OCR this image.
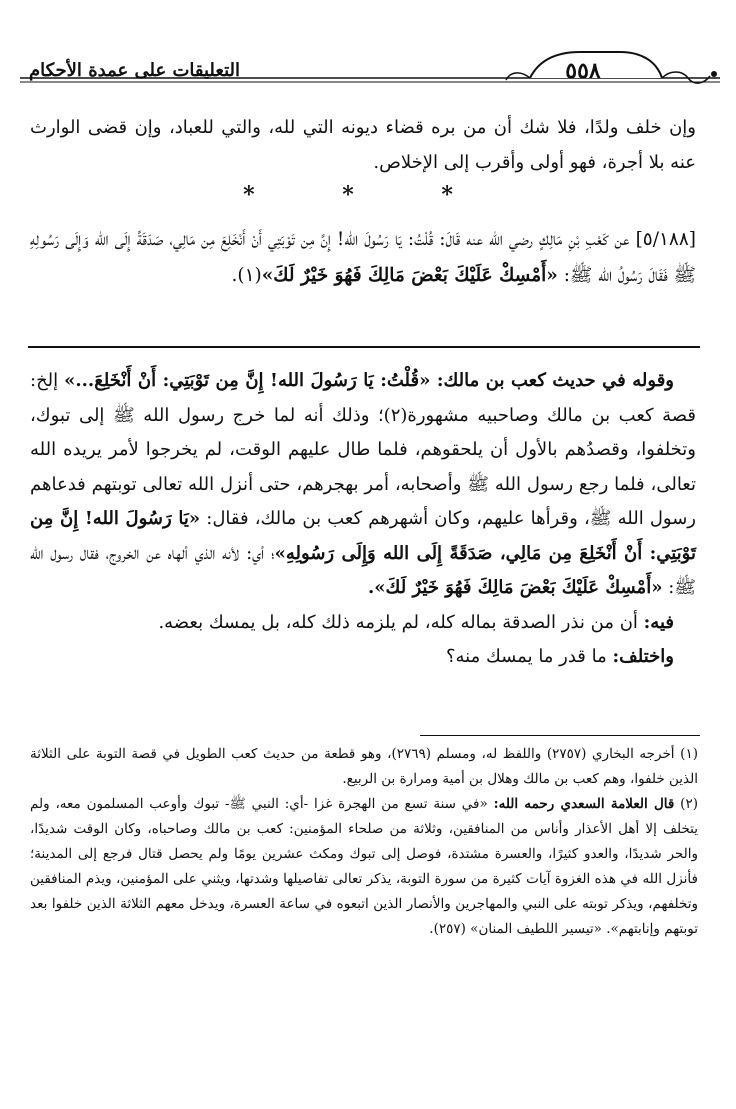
٥٥٨
التعليقات على عمدة الأحكام
وإن خلف ولدًا، فلا شك أن من بره قضاء ديونه التي لله، والتي للعباد، وإن قضى الوارث عنه بلا أجرة، فهو أولى وأقرب إلى الإخلاص.
* * *
[٥/١٨٨] عن كَعْبِ بْنِ مَالِكٍ رضي الله عنه قَالَ: قُلْتُ: يَا رَسُولَ الله! إِنَّ مِن تَوْبَتِي أَنْ أَنْخَلِعَ مِن مَالِي، صَدَقَةً إِلَى الله وَإِلَى رَسُولِهِ ﷺ فَقَالَ رَسُولُ الله ﷺ: «أَمْسِكْ عَلَيْكَ بَعْضَ مَالِكَ فَهُوَ خَيْرٌ لَكَ»(١).

وقوله في حديث كعب بن مالك: «قُلْتُ: يَا رَسُولَ الله! إِنَّ مِن تَوْبَتِي: أَنْ أَنْخَلِعَ...» إلخ: قصة كعب بن مالك وصاحبيه مشهورة(٢)؛ وذلك أنه لما خرج رسول الله ﷺ إلى تبوك، وتخلفوا، وقصدُهم بالأول أن يلحقوهم، فلما طال عليهم الوقت، لم يخرجوا لأمر يريده الله تعالى، فلما رجع رسول الله ﷺ وأصحابه، أمر بهجرهم، حتى أنزل الله تعالى توبتهم فدعاهم رسول الله ﷺ، وقرأها عليهم، وكان أشهرهم كعب بن مالك، فقال: «يَا رَسُولَ الله! إِنَّ مِن تَوْبَتِي: أَنْ أَنْخَلِعَ مِن مَالِي، صَدَقَةً إِلَى الله وَإِلَى رَسُولِهِ»؛ أي: لأنه الذي ألهاه عن الخروج، فقال رسول الله ﷺ: «أَمْسِكْ عَلَيْكَ بَعْضَ مَالِكَ فَهُوَ خَيْرٌ لَكَ».

فيه: أن من نذر الصدقة بماله كله، لم يلزمه ذلك كله، بل يمسك بعضه.

واختلف: ما قدر ما يمسك منه؟

(١) أخرجه البخاري (٢٧٥٧) واللفظ له، ومسلم (٢٧٦٩)، وهو قطعة من حديث كعب الطويل في قصة التوبة على الثلاثة الذين خلفوا، وهم كعب بن مالك وهلال بن أمية ومرارة بن الربيع.

(٢) قال العلامة السعدي رحمه الله: «في سنة تسع من الهجرة غزا -أي: النبي ﷺ- تبوك وأوعب المسلمون معه، ولم يتخلف إلا أهل الأعذار وأناس من المنافقين، وثلاثة من صلحاء المؤمنين: كعب بن مالك وصاحباه، وكان الوقت شديدًا، والحر شديدًا، والعدو كثيرًا، والعسرة مشتدة، فوصل إلى تبوك ومكث عشرين يومًا ولم يحصل قتال فرجع إلى المدينة؛ فأنزل الله في هذه الغزوة آيات كثيرة من سورة التوبة، يذكر تعالى تفاصيلها وشدتها، ويثني على المؤمنين، ويذم المنافقين وتخلفهم، ويذكر توبته على النبي والمهاجرين والأنصار الذين اتبعوه في ساعة العسرة، ويدخل معهم الثلاثة الذين خلفوا بعد توبتهم وإنابتهم». «تيسير اللطيف المنان» (٢٥٧).
